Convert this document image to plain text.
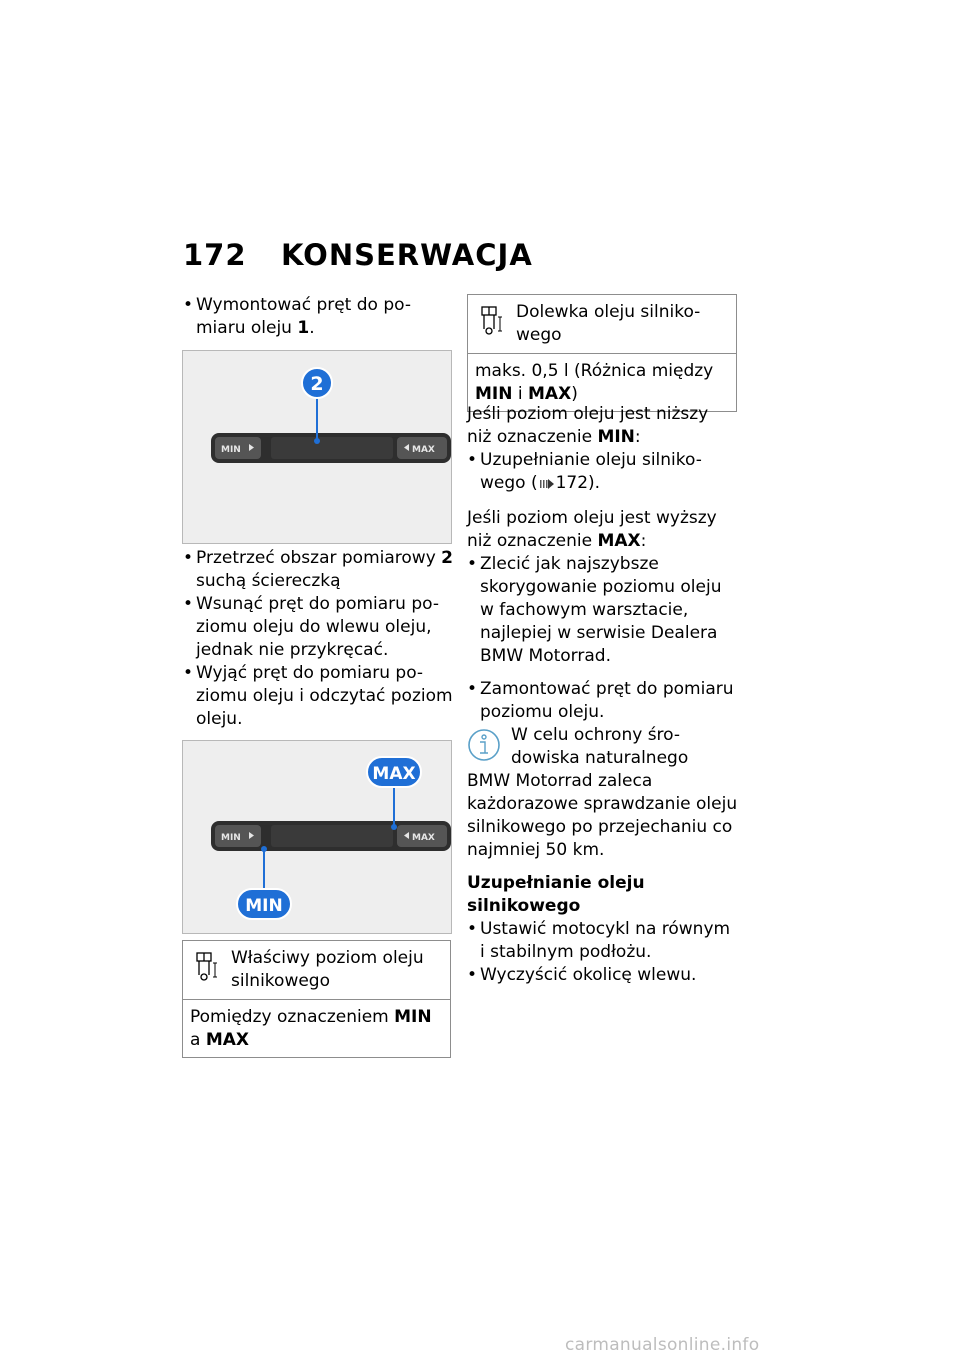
172 KONSERWACJA
• Wymontować pręt do po-
miaru oleju 1.
MIN	MAX
2
• Przetrzeć obszar pomiarowy 2
suchą ściereczką
• Wsunąć pręt do pomiaru po-
ziomu oleju do wlewu oleju,
jednak nie przykręcać.
• Wyjąć pręt do pomiaru po-
ziomu oleju i odczytać poziom
oleju.
MIN	MAX
MAX
MIN
Właściwy poziom oleju
silnikowego
Pomiędzy oznaczeniem MIN
a MAX
Dolewka oleju silniko-
wego
maks. 0,5 l (Różnica między
MIN i MAX)

Jeśli poziom oleju jest niższy
niż oznaczenie MIN:

• Uzupełnianie oleju silniko-
wego ( 172).

Jeśli poziom oleju jest wyższy
niż oznaczenie MAX:

• Zlecić jak najszybsze
skorygowanie poziomu oleju
w fachowym warsztacie,
najlepiej w serwisie Dealera
BMW Motorrad.
• Zamontować pręt do pomiaru
poziomu oleju.
W celu ochrony śro-
dowiska naturalnego
BMW Motorrad zaleca
każdorazowe sprawdzanie oleju
silnikowego po przejechaniu co
najmniej 50 km.
Uzupełnianie oleju
silnikowego
• Ustawić motocykl na równym
i stabilnym podłożu.
• Wyczyścić okolicę wlewu.
carmanualsonline.info
